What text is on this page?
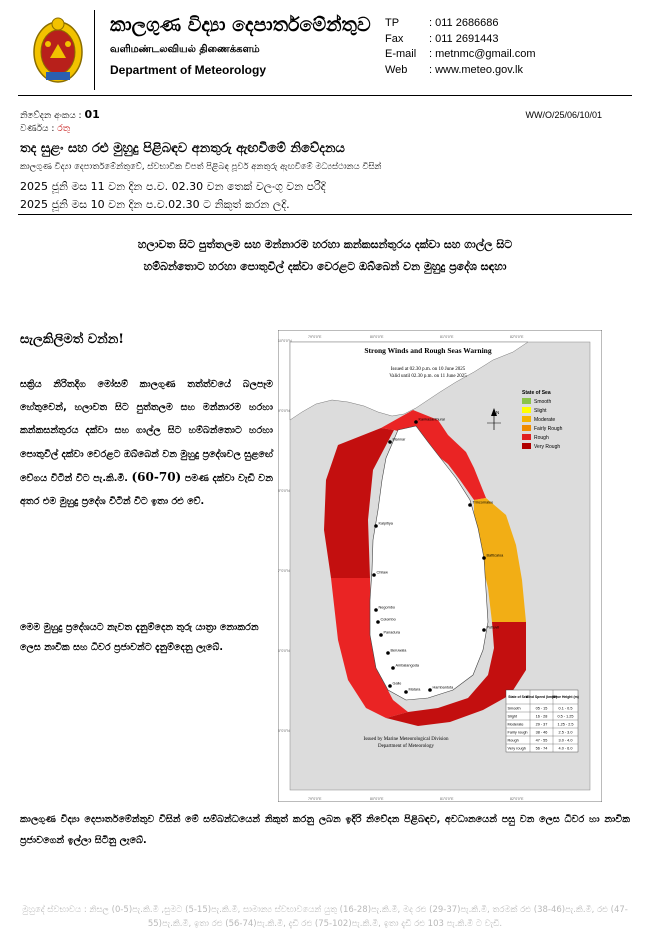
කාලගුණ විද්‍යා දෙපාර්තමේන්තුව
வளிமண்டலவியல் திணைக்களம்
Department of Meteorology
TP	: 011 2686686
Fax	: 011 2691443
E-mail	: metnmc@gmail.com
Web	: www.meteo.gov.lk
නිවේදන අංකය : 01	WW/O/25/06/10/01
වර්ණය : රතු
තද සුළං සහ රළු මුහුදු පිළිබඳව අනතුරු ඇඟවීමේ නිවේදනය
කාලගුණ විද්‍යා දෙපාර්තමේන්තුවේ, ස්වභාවික විපත් පිළිබඳ පූර්ව අනතුරු ඇඟවීමේ මධ්‍යස්ථානය විසින්
2025 ජූනි මස 11 වන දින ප.ව. 02.30 වන තෙක් වලංගු වන පරිදි
2025 ජූනි මස 10 වන දින ප.ව.02.30 ට නිකුත් කරන ලදි.
හලාවත සිට පුත්තලම සහ මන්නාරම හරහා කන්කසන්තුරය දක්වා සහ ගාල්ල සිට
හම්බන්තොට හරහා පොතුවිල් දක්වා වෙරළට ඔබ්බෙන් වන මුහුදු ප්‍රදේශ සඳහා
සැලකිලිමත් වන්න!
සක්‍රිය නිරිතදිග මෝසම් කාලගුණ තත්ත්වයේ බලපෑම හේතුවෙන්, හලාවත සිට පුත්තලම සහ මන්නාරම හරහා කන්කසන්තුරය දක්වා සහ ගාල්ල සිට හම්බන්තොට හරහා පොතුවිල් දක්වා වෙරළට ඔබ්බෙන් වන මුහුදු ප්‍රදේශවල සුළඟේ වේගය විටින් විට පැ.කි.මී. (60-70) පමණ දක්වා වැඩි වන අතර එම මුහුදු ප්‍රදේශ විටින් විට ඉතා රළු වේ.
මෙම මුහුදු ප්‍රදේශයට නැවත දැනුම්දෙන තුරු යාත්‍රා නොකරන ලෙස නාවික සහ ධීවර ප්‍රජාවන්ට දැනුම්දෙනු ලැබේ.
79°0'0"E	80°0'0"E	81°0'0"E	82°0'0"E
79°0'0"E	80°0'0"E	81°0'0"E	82°0'0"E
10°0'0"N
9°0'0"N
8°0'0"N
7°0'0"N
6°0'0"N
5°0'0"N
Strong Winds and Rough Seas Warning
Issued at 02.30 p.m. on 10 June 2025
Valid until 02.30 p.m. on 11 June 2025
N
State of Sea
Smooth
Slight
Moderate
Fairly Rough
Rough
Very Rough
Kankasanthurai
Mannar
Kalpitiya
Chilaw
Negombo
Colombo
Panadura
Beruwala
Ambalangoda
Galle
Matara	Hambantota
Pottuvil
Batticaloa
Trincomalee
Issued by Marine Meteorological Division
Department of Meteorology
State of Sea
Wind Speed (kmph)
Wave Height (m)
Smooth	05 - 15	0.1 - 0.5
Slight	16 - 28	0.5 - 1.25
Moderate	29 - 37	1.25 - 2.5
Fairly rough 38 - 46	2.5 - 3.0
Rough	47 - 55	3.0 - 4.0
Very rough	56 - 74	4.0 - 6.0
කාලගුණ විද්‍යා දෙපාර්තමේන්තුව විසින් මේ සම්බන්ධයෙන් නිකුත් කරනු ලබන ඉදිරි නිවේදන පිළිබඳව, අවධානයෙන් පසු වන ලෙස ධීවර හා නාවික ප්‍රජාවගෙන් ඉල්ලා සිටිනු ලැබේ.
මුහුදේ ස්වභාවය : නිසල (0-5)පැ.කි.මී ,සුමට (5-15)පැ.කි.මී, සාමාන්‍ය ස්වභාවයෙන් යුතු (16-28)පැ.කි.මී, මද රළු (29-37)පැ.කි.මී, තරමක් රළු (38-46)පැ.කි.මී, රළු (47-55)පැ.කි.මී, ඉතා රළු (56-74)පැ.කි.මී, දැඩි රළු (75-102)පැ.කි.මී, ඉතා දැඩි රළු 103 පැ.කි.මී ට වැඩි.
